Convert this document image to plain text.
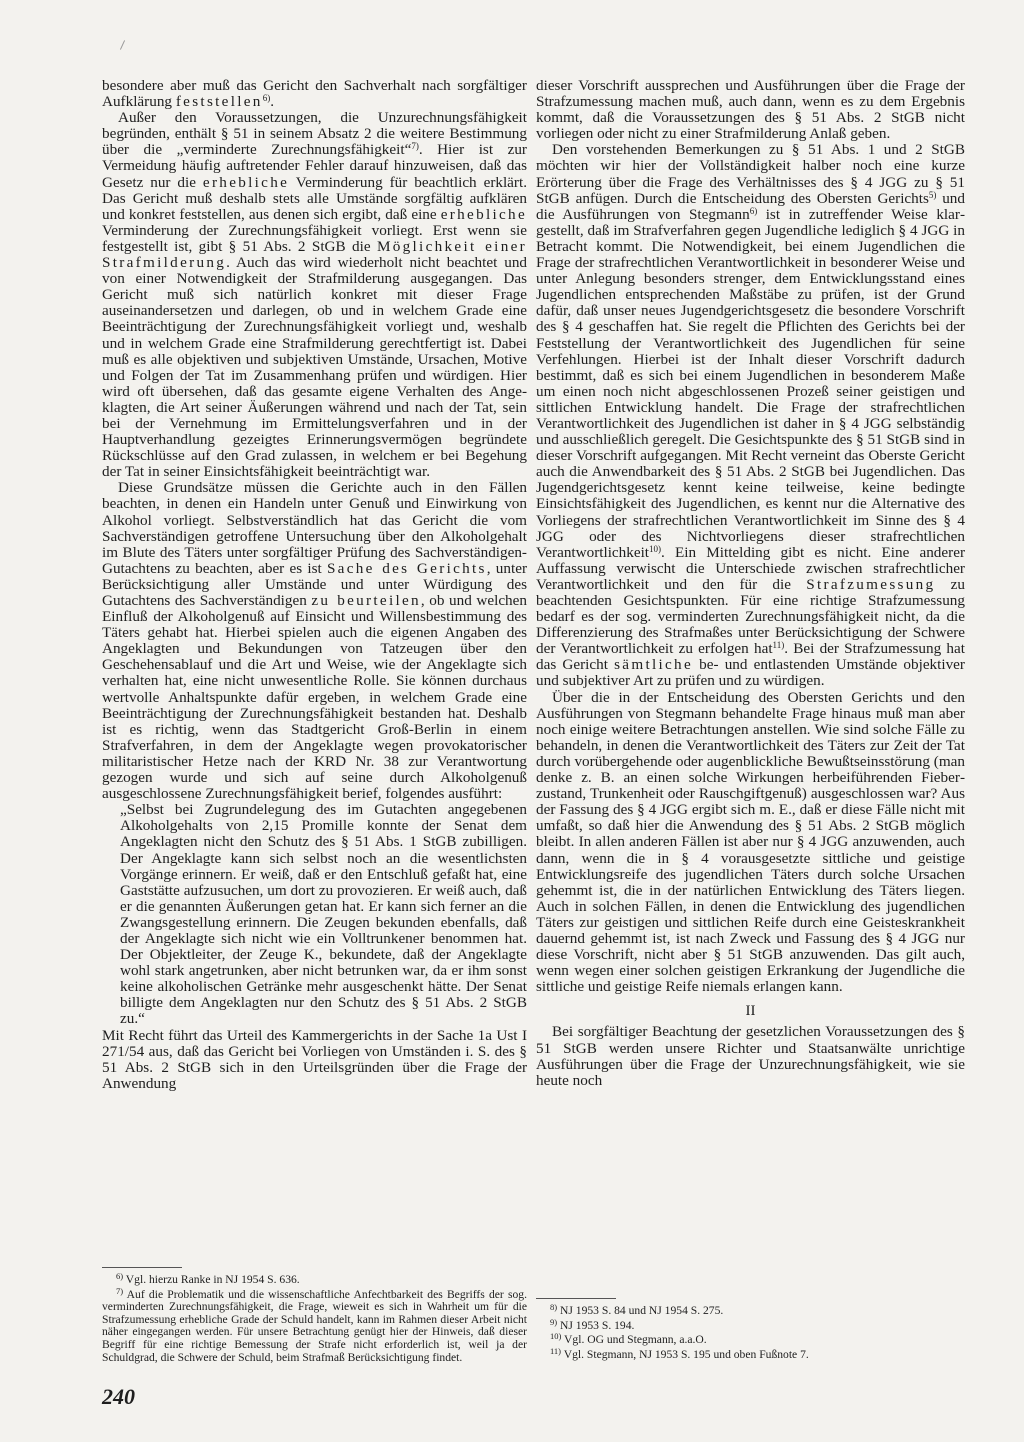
besondere aber muß das Gericht den Sachverhalt nach sorgfältiger Aufklärung feststellen$^{6)}$.

Außer den Voraussetzungen, die Unzurechnungsfähigkeit begründen, enthält § 51 in seinem Absatz 2 die weitere Bestimmung über die „verminderte Zurechnungsfähigkeit“$^{7)}$. Hier ist zur Vermeidung häufig auftretender Fehler darauf hinzuweisen, daß das Gesetz nur die erhebliche Verminderung für beachtlich erklärt. Das Gericht muß deshalb stets alle Umstände sorgfältig aufklären und konkret feststellen, aus denen sich ergibt, daß eine erhebliche Verminderung der Zurechnungsfähigkeit vorliegt. Erst wenn sie festgestellt ist, gibt § 51 Abs. 2 StGB die Möglichkeit einer Strafmilderung. Auch das wird wiederholt nicht beachtet und von einer Notwendigkeit der Strafmilderung ausgegangen. Das Gericht muß sich natürlich konkret mit dieser Frage auseinandersetzen und darlegen, ob und in welchem Grade eine Beeinträchtigung der Zurechnungsfähigkeit vorliegt und, weshalb und in welchem Grade eine Strafmilderung gerechtfertigt ist. Dabei muß es alle objektiven und subjektiven Umstände, Ursachen, Motive und Folgen der Tat im Zusammenhang prüfen und würdigen. Hier wird oft übersehen, daß das gesamte eigene Verhalten des Angeklagten, die Art seiner Äußerungen während und nach der Tat, sein bei der Vernehmung im Ermittelungsverfahren und in der Hauptverhandlung gezeigtes Erinnerungsvermögen begründete Rückschlüsse auf den Grad zulassen, in welchem er bei Begehung der Tat in seiner Einsichtsfähigkeit beeinträchtigt war.

Diese Grundsätze müssen die Gerichte auch in den Fällen beachten, in denen ein Handeln unter Genuß und Einwirkung von Alkohol vorliegt. Selbstverständlich hat das Gericht die vom Sachverständigen getroffene Untersuchung über den Alkoholgehalt im Blute des Täters unter sorgfältiger Prüfung des Sachverständigen-Gutachtens zu beachten, aber es ist Sache des Gerichts, unter Berücksichtigung aller Umstände und unter Würdigung des Gutachtens des Sachverständigen zu beurteilen, ob und welchen Einfluß der Alkoholgenuß auf Einsicht und Willensbestimmung des Täters gehabt hat. Hierbei spielen auch die eigenen Angaben des Angeklagten und Bekundungen von Tatzeugen über den Geschehensablauf und die Art und Weise, wie der Angeklagte sich verhalten hat, eine nicht unwesentliche Rolle. Sie können durchaus wertvolle Anhaltspunkte dafür ergeben, in welchem Grade eine Beeinträchtigung der Zurechnungsfähigkeit bestanden hat. Deshalb ist es richtig, wenn das Stadtgericht Groß-Berlin in einem Strafverfahren, in dem der Angeklagte wegen provokatorischer militaristischer Hetze nach der KRD Nr. 38 zur Verantwortung gezogen wurde und sich auf seine durch Alkoholgenuß ausgeschlossene Zurechnungsfähigkeit berief, folgendes ausführt:

„Selbst bei Zugrundelegung des im Gutachten angegebenen Alkoholgehalts von 2,15 Promille konnte der Senat dem Angeklagten nicht den Schutz des § 51 Abs. 1 StGB zubilligen. Der Angeklagte kann sich selbst noch an die wesentlichsten Vorgänge erinnern. Er weiß, daß er den Entschluß gefaßt hat, eine Gaststätte aufzusuchen, um dort zu provozieren. Er weiß auch, daß er die genannten Äußerungen getan hat. Er kann sich ferner an die Zwangsgestellung erinnern. Die Zeugen bekunden ebenfalls, daß der Angeklagte sich nicht wie ein Volltrunkener benommen hat. Der Objektleiter, der Zeuge K., bekundete, daß der Angeklagte wohl stark angetrunken, aber nicht betrunken war, da er ihm sonst keine alkoholischen Getränke mehr ausgeschenkt hätte. Der Senat billigte dem Angeklagten nur den Schutz des § 51 Abs. 2 StGB zu.“

Mit Recht führt das Urteil des Kammergerichts in der Sache 1a Ust I 271/54 aus, daß das Gericht bei Vorliegen von Umständen i. S. des § 51 Abs. 2 StGB sich in den Urteilsgründen über die Frage der Anwendung

dieser Vorschrift aussprechen und Ausführungen über die Frage der Strafzumessung machen muß, auch dann, wenn es zu dem Ergebnis kommt, daß die Voraussetzungen des § 51 Abs. 2 StGB nicht vorliegen oder nicht zu einer Strafmilderung Anlaß geben.

Den vorstehenden Bemerkungen zu § 51 Abs. 1 und 2 StGB möchten wir hier der Vollständigkeit halber noch eine kurze Erörterung über die Frage des Verhältnisses des § 4 JGG zu § 51 StGB anfügen. Durch die Entscheidung des Obersten Gerichts$^{5)}$ und die Ausführungen von Stegmann$^{6)}$ ist in zutreffender Weise klargestellt, daß im Strafverfahren gegen Jugendliche lediglich § 4 JGG in Betracht kommt. Die Notwendigkeit, bei einem Jugendlichen die Frage der strafrechtlichen Verantwortlichkeit in besonderer Weise und unter Anlegung besonders strenger, dem Entwicklungsstand eines Jugendlichen entsprechenden Maßstäbe zu prüfen, ist der Grund dafür, daß unser neues Jugendgerichtsgesetz die besondere Vorschrift des § 4 geschaffen hat. Sie regelt die Pflichten des Gerichts bei der Feststellung der Verantwortlichkeit des Jugendlichen für seine Verfehlungen. Hierbei ist der Inhalt dieser Vorschrift dadurch bestimmt, daß es sich bei einem Jugendlichen in besonderem Maße um einen noch nicht abgeschlossenen Prozeß seiner geistigen und sittlichen Entwicklung handelt. Die Frage der strafrechtlichen Verantwortlichkeit des Jugendlichen ist daher in § 4 JGG selbständig und ausschließlich geregelt. Die Gesichtspunkte des § 51 StGB sind in dieser Vorschrift aufgegangen. Mit Recht verneint das Oberste Gericht auch die Anwendbarkeit des § 51 Abs. 2 StGB bei Jugendlichen. Das Jugendgerichtsgesetz kennt keine teilweise, keine bedingte Einsichtsfähigkeit des Jugendlichen, es kennt nur die Alternative des Vorliegens der strafrechtlichen Verantwortlichkeit im Sinne des § 4 JGG oder des Nichtvorliegens dieser strafrechtlichen Verantwortlichkeit$^{10)}$. Ein Mittelding gibt es nicht. Eine anderer Auffassung verwischt die Unterschiede zwischen strafrechtlicher Verantwortlichkeit und den für die Strafzumessung zu beachtenden Gesichtspunkten. Für eine richtige Strafzumessung bedarf es der sog. verminderten Zurechnungsfähigkeit nicht, da die Differenzierung des Strafmaßes unter Berücksichtigung der Schwere der Verantwortlichkeit zu erfolgen hat$^{11)}$. Bei der Strafzumessung hat das Gericht sämtliche be- und entlastenden Umstände objektiver und subjektiver Art zu prüfen und zu würdigen.

Über die in der Entscheidung des Obersten Gerichts und den Ausführungen von Stegmann behandelte Frage hinaus muß man aber noch einige weitere Betrachtungen anstellen. Wie sind solche Fälle zu behandeln, in denen die Verantwortlichkeit des Täters zur Zeit der Tat durch vorübergehende oder augenblickliche Bewußtseinsstörung (man denke z. B. an einen solche Wirkungen herbeiführenden Fieberzustand, Trunkenheit oder Rauschgiftgenuß) ausgeschlossen war? Aus der Fassung des § 4 JGG ergibt sich m. E., daß er diese Fälle nicht mit umfaßt, so daß hier die Anwendung des § 51 Abs. 2 StGB möglich bleibt. In allen anderen Fällen ist aber nur § 4 JGG anzuwenden, auch dann, wenn die in § 4 vorausgesetzte sittliche und geistige Entwicklungsreife des jugendlichen Täters durch solche Ursachen gehemmt ist, die in der natürlichen Entwicklung des Täters liegen. Auch in solchen Fällen, in denen die Entwicklung des jugendlichen Täters zur geistigen und sittlichen Reife durch eine Geisteskrankheit dauernd gehemmt ist, ist nach Zweck und Fassung des § 4 JGG nur diese Vorschrift, nicht aber § 51 StGB anzuwenden. Das gilt auch, wenn wegen einer solchen geistigen Erkrankung der Jugendliche die sittliche und geistige Reife niemals erlangen kann.

II

Bei sorgfältiger Beachtung der gesetzlichen Voraussetzungen des § 51 StGB werden unsere Richter und Staatsanwälte unrichtige Ausführungen über die Frage der Unzurechnungsfähigkeit, wie sie heute noch

$^{6)}$ Vgl. hierzu Ranke in NJ 1954 S. 636.

$^{7)}$ Auf die Problematik und die wissenschaftliche Anfechtbarkeit des Begriffs der sog. verminderten Zurechnungsfähigkeit, die Frage, wieweit es sich in Wahrheit um für die Strafzumessung erhebliche Grade der Schuld handelt, kann im Rahmen dieser Arbeit nicht näher eingegangen werden. Für unsere Betrachtung genügt hier der Hinweis, daß dieser Begriff für eine richtige Bemessung der Strafe nicht erforderlich ist, weil ja der Schuldgrad, die Schwere der Schuld, beim Strafmaß Berücksichtigung findet.

$^{8)}$ NJ 1953 S. 84 und NJ 1954 S. 275.

$^{9)}$ NJ 1953 S. 194.

$^{10)}$ Vgl. OG und Stegmann, a.a.O.

$^{11)}$ Vgl. Stegmann, NJ 1953 S. 195 und oben Fußnote 7.

240
